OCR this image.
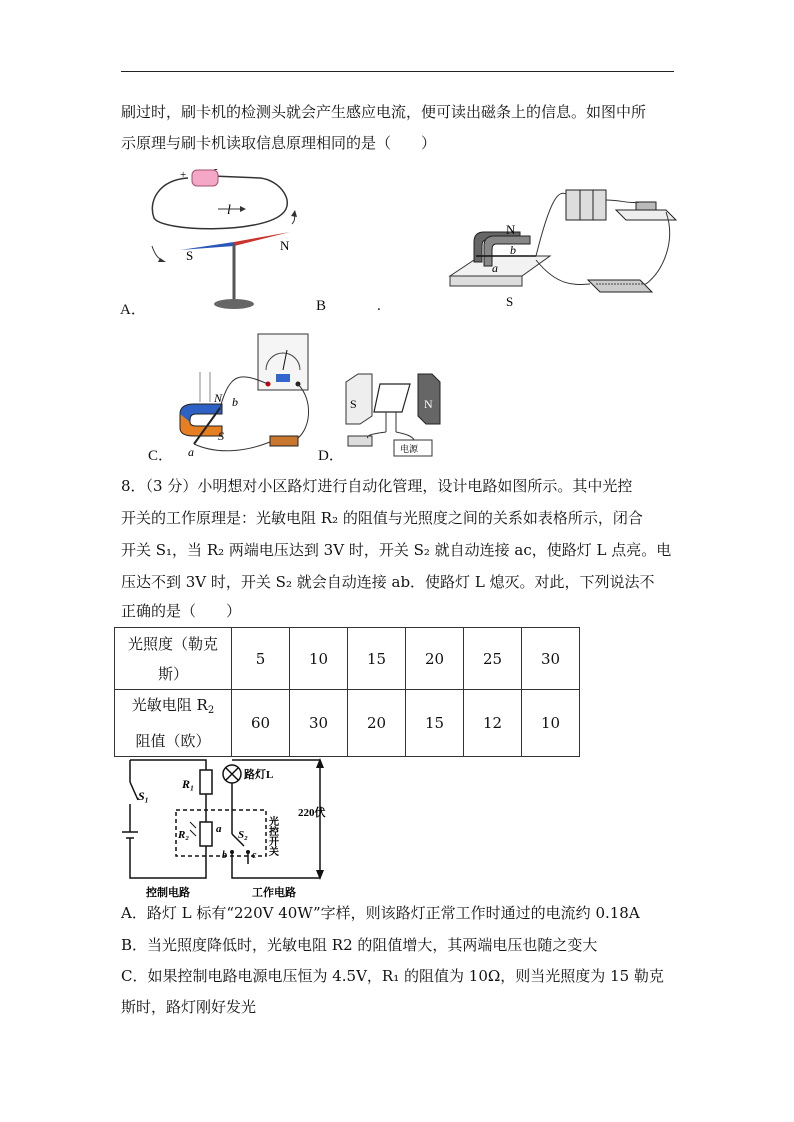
刷过时，刷卡机的检测头就会产生感应电流，便可读出磁条上的信息。如图中所
示原理与刷卡机读取信息原理相同的是（　　）
+	-
l
S
N
A．
N
b
a
S
B	.
N b
S
a
C．
S	N
电源
D．
8．（3 分）小明想对小区路灯进行自动化管理，设计电路如图所示。其中光控
开关的工作原理是：光敏电阻 R₂ 的阻值与光照度之间的关系如表格所示，闭合
开关 S₁，当 R₂ 两端电压达到 3V 时，开关 S₂ 就自动连接 ac，使路灯 L 点亮。电
压达不到 3V 时，开关 S₂ 就会自动连接 ab．使路灯 L 熄灭。对此，下列说法不
正确的是（　　）
光照度（勒克
斯）	5	10	15	20	25	30
光敏电阻 $R_2$
阻值（欧）	60	30	20	15	12	10
S₁
R₁
R₂ a
b	c
S₂
路灯L
光控开关
220伏
控制电路	工作电路
A．路灯 L 标有“220V 40W”字样，则该路灯正常工作时通过的电流约 0.18A
B．当光照度降低时，光敏电阻 R2 的阻值增大，其两端电压也随之变大
C．如果控制电路电源电压恒为 4.5V，R₁ 的阻值为 10Ω，则当光照度为 15 勒克
斯时，路灯刚好发光
